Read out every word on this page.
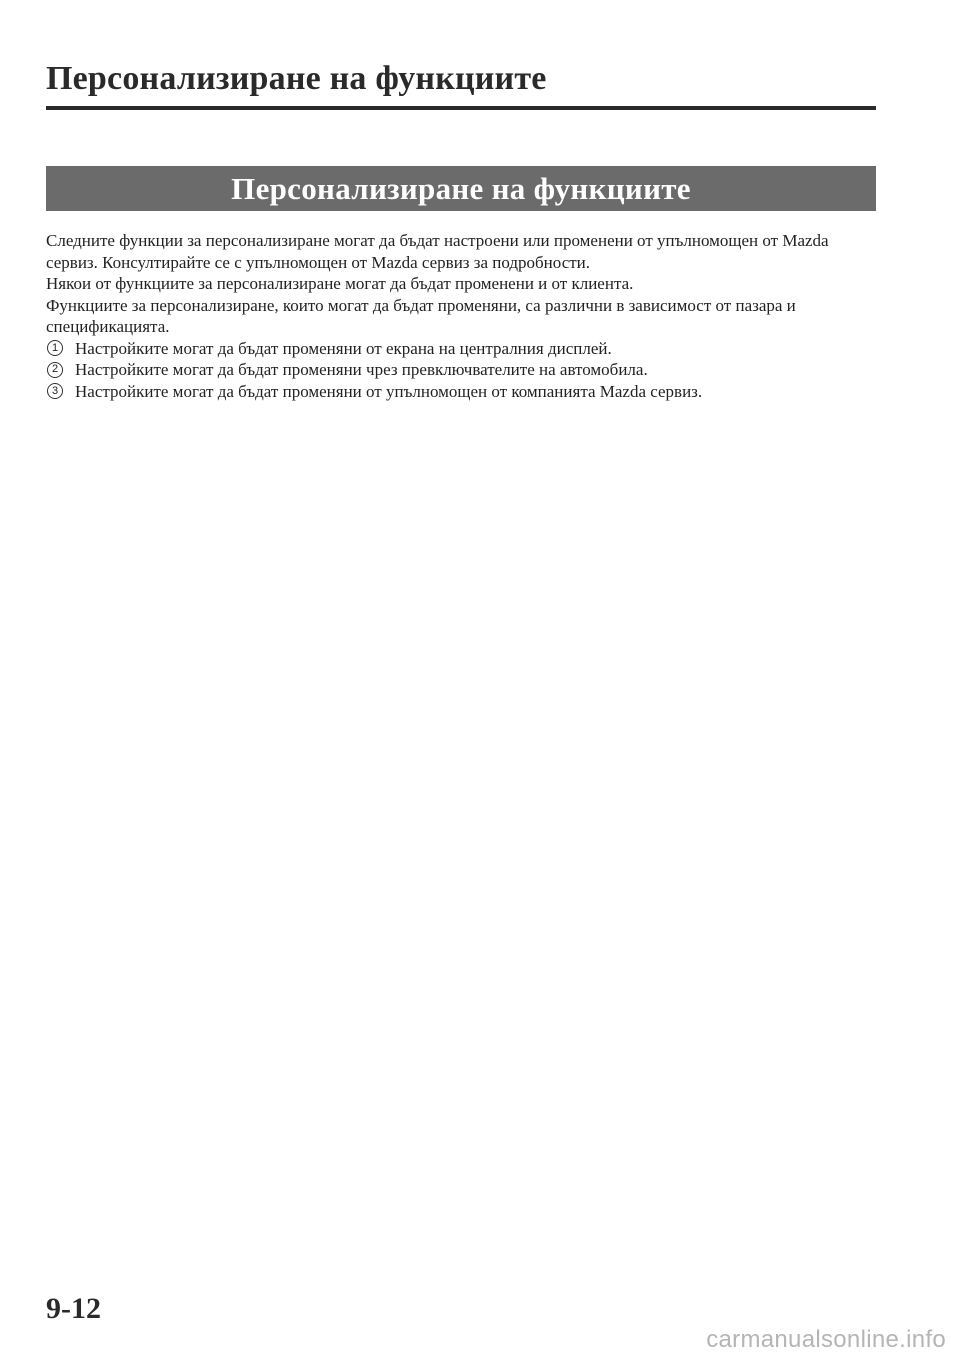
Персонализиране на функциите
Персонализиране на функциите

Следните функции за персонализиране могат да бъдат настроени или променени от упълномощен от Mazda сервиз. Консултирайте се с упълномощен от Mazda сервиз за подробности.

Някои от функциите за персонализиране могат да бъдат променени и от клиента.

Функциите за персонализиране, които могат да бъдат променяни, са различни в зависимост от пазара и спецификацията.

1 Настройките могат да бъдат променяни от екрана на централния дисплей.
2 Настройките могат да бъдат променяни чрез превключвателите на автомобила.
3 Настройките могат да бъдат променяни от упълномощен от компанията Mazda сервиз.
9-12
carmanualsonline.info
